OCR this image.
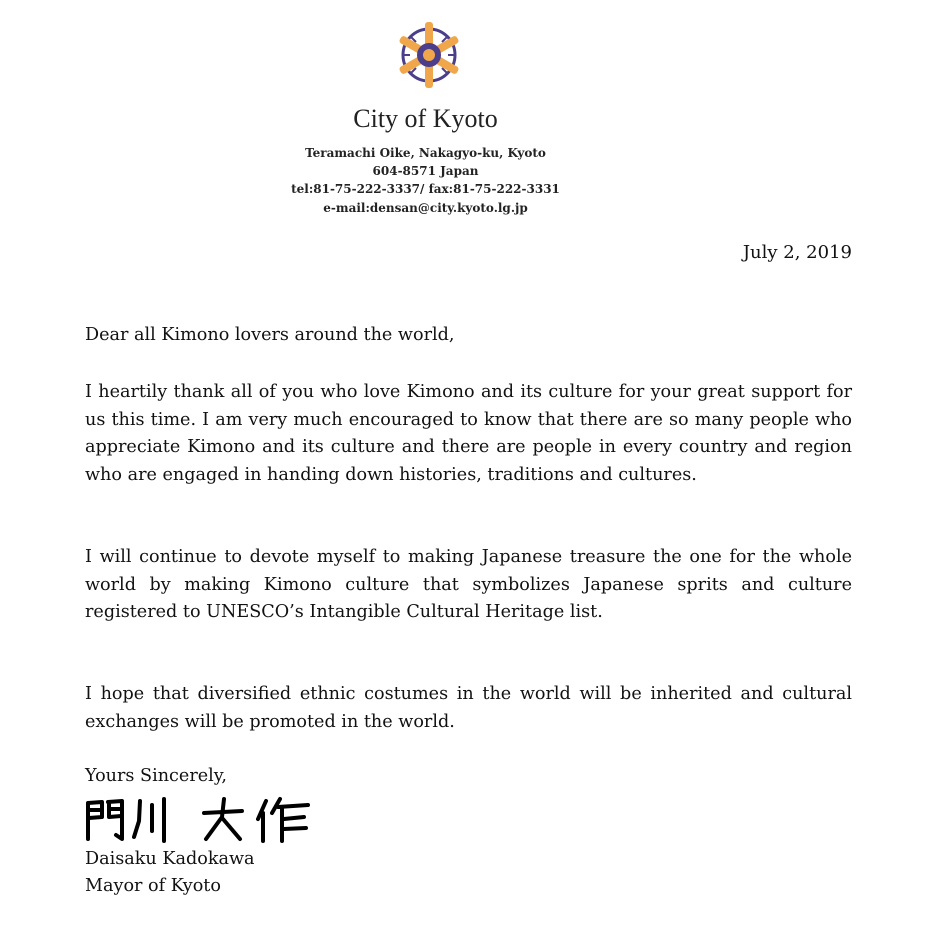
City of Kyoto
Teramachi Oike, Nakagyo-ku, Kyoto
604-8571 Japan
tel:81-75-222-3337/ fax:81-75-222-3331
e-mail:densan@city.kyoto.lg.jp
July 2, 2019
Dear all Kimono lovers around the world,
I heartily thank all of you who love Kimono and its culture for your great support for us this time. I am very much encouraged to know that there are so many people who appreciate Kimono and its culture and there are people in every country and region who are engaged in handing down histories, traditions and cultures.
I will continue to devote myself to making Japanese treasure the one for the whole world by making Kimono culture that symbolizes Japanese sprits and culture registered to UNESCO’s Intangible Cultural Heritage list.
I hope that diversified ethnic costumes in the world will be inherited and cultural exchanges will be promoted in the world.
Yours Sincerely,
Daisaku Kadokawa
Mayor of Kyoto
